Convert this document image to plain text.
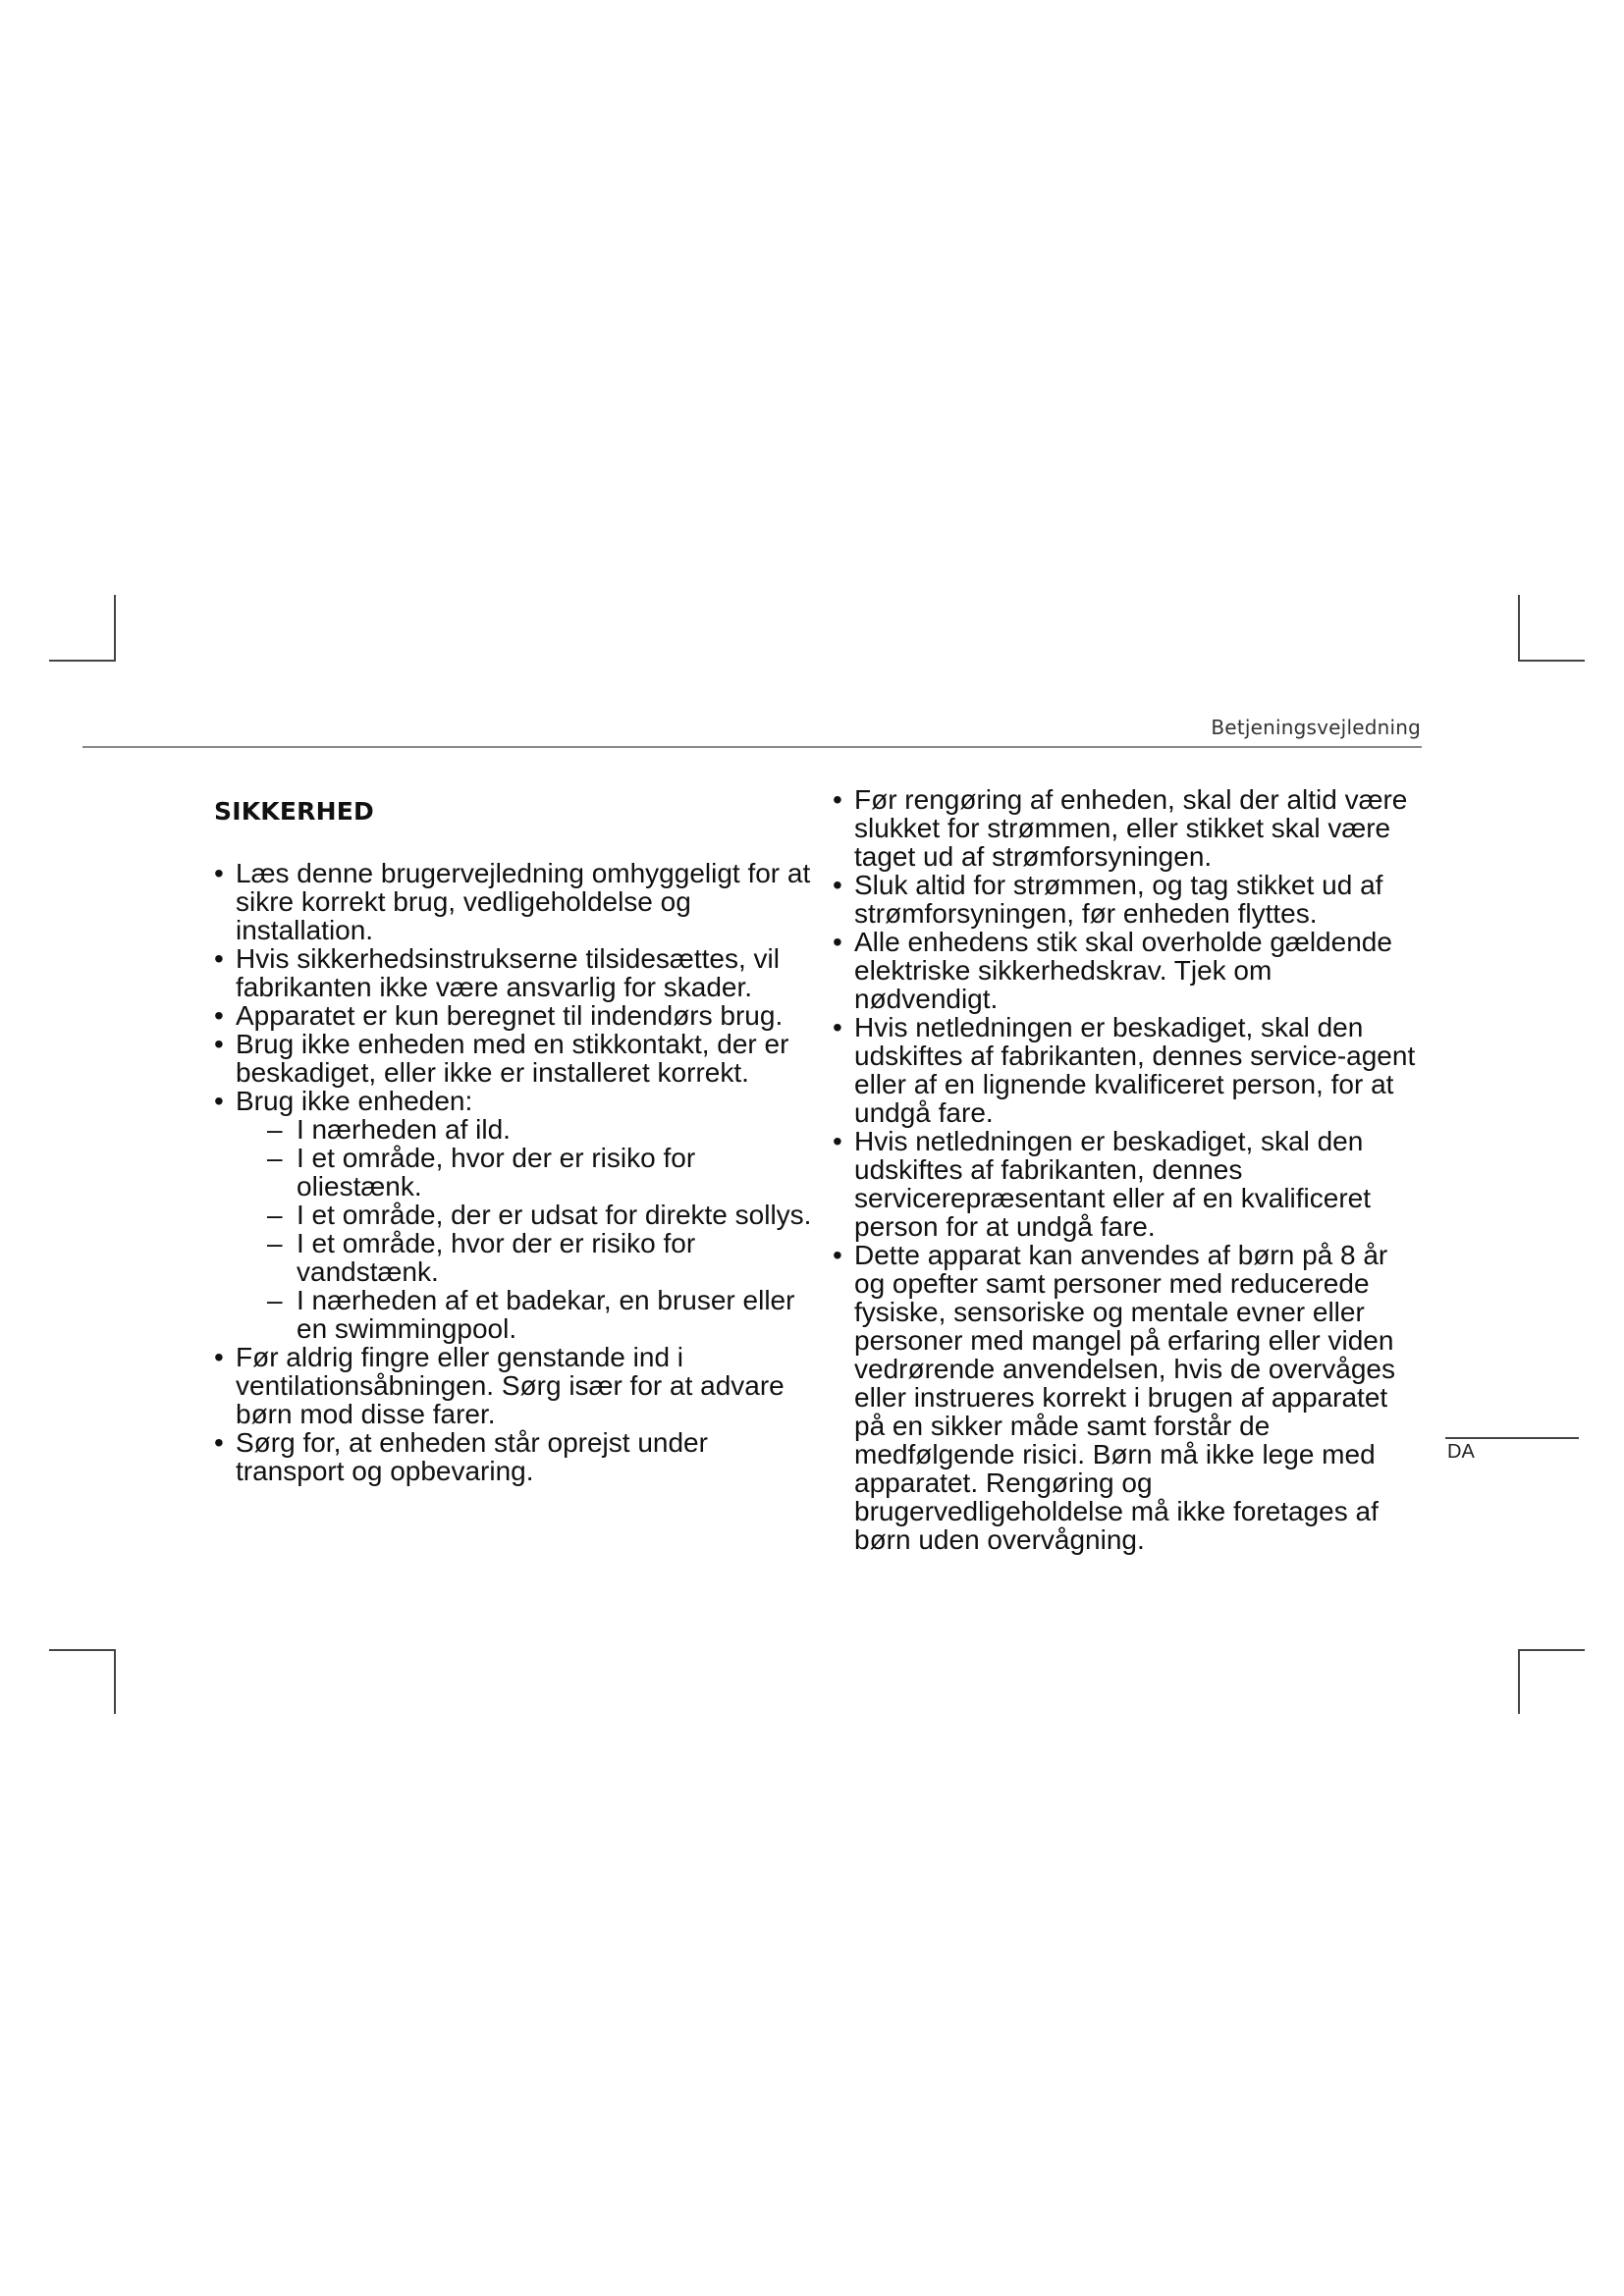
Betjeningsvejledning
SIKKERHED
• Læs denne brugervejledning omhyggeligt for at sikre korrekt brug, vedligeholdelse og installation.
• Hvis sikkerhedsinstrukserne tilsidesættes, vil fabrikanten ikke være ansvarlig for skader.
• Apparatet er kun beregnet til indendørs brug.
• Brug ikke enheden med en stikkontakt, der er beskadiget, eller ikke er installeret korrekt.
• Brug ikke enheden:
– I nærheden af ild.
– I et område, hvor der er risiko for oliestænk.
– I et område, der er udsat for direkte sollys.
– I et område, hvor der er risiko for vandstænk.
– I nærheden af et badekar, en bruser eller en swimmingpool.
• Før aldrig fingre eller genstande ind i ventilationsåbningen. Sørg især for at advare børn mod disse farer.
• Sørg for, at enheden står oprejst under transport og opbevaring.
• Før rengøring af enheden, skal der altid være slukket for strømmen, eller stikket skal være taget ud af strømforsyningen.
• Sluk altid for strømmen, og tag stikket ud af strømforsyningen, før enheden flyttes.
• Alle enhedens stik skal overholde gældende elektriske sikkerhedskrav. Tjek om nødvendigt.
• Hvis netledningen er beskadiget, skal den udskiftes af fabrikanten, dennes service-agent eller af en lignende kvalificeret person, for at undgå fare.
• Hvis netledningen er beskadiget, skal den udskiftes af fabrikanten, dennes servicerepræsentant eller af en kvalificeret person for at undgå fare.
• Dette apparat kan anvendes af børn på 8 år og opefter samt personer med reducerede fysiske, sensoriske og mentale evner eller personer med mangel på erfaring eller viden vedrørende anvendelsen, hvis de overvåges eller instrueres korrekt i brugen af apparatet på en sikker måde samt forstår de medfølgende risici. Børn må ikke lege med apparatet. Rengøring og brugervedligeholdelse må ikke foretages af børn uden overvågning.
DA
